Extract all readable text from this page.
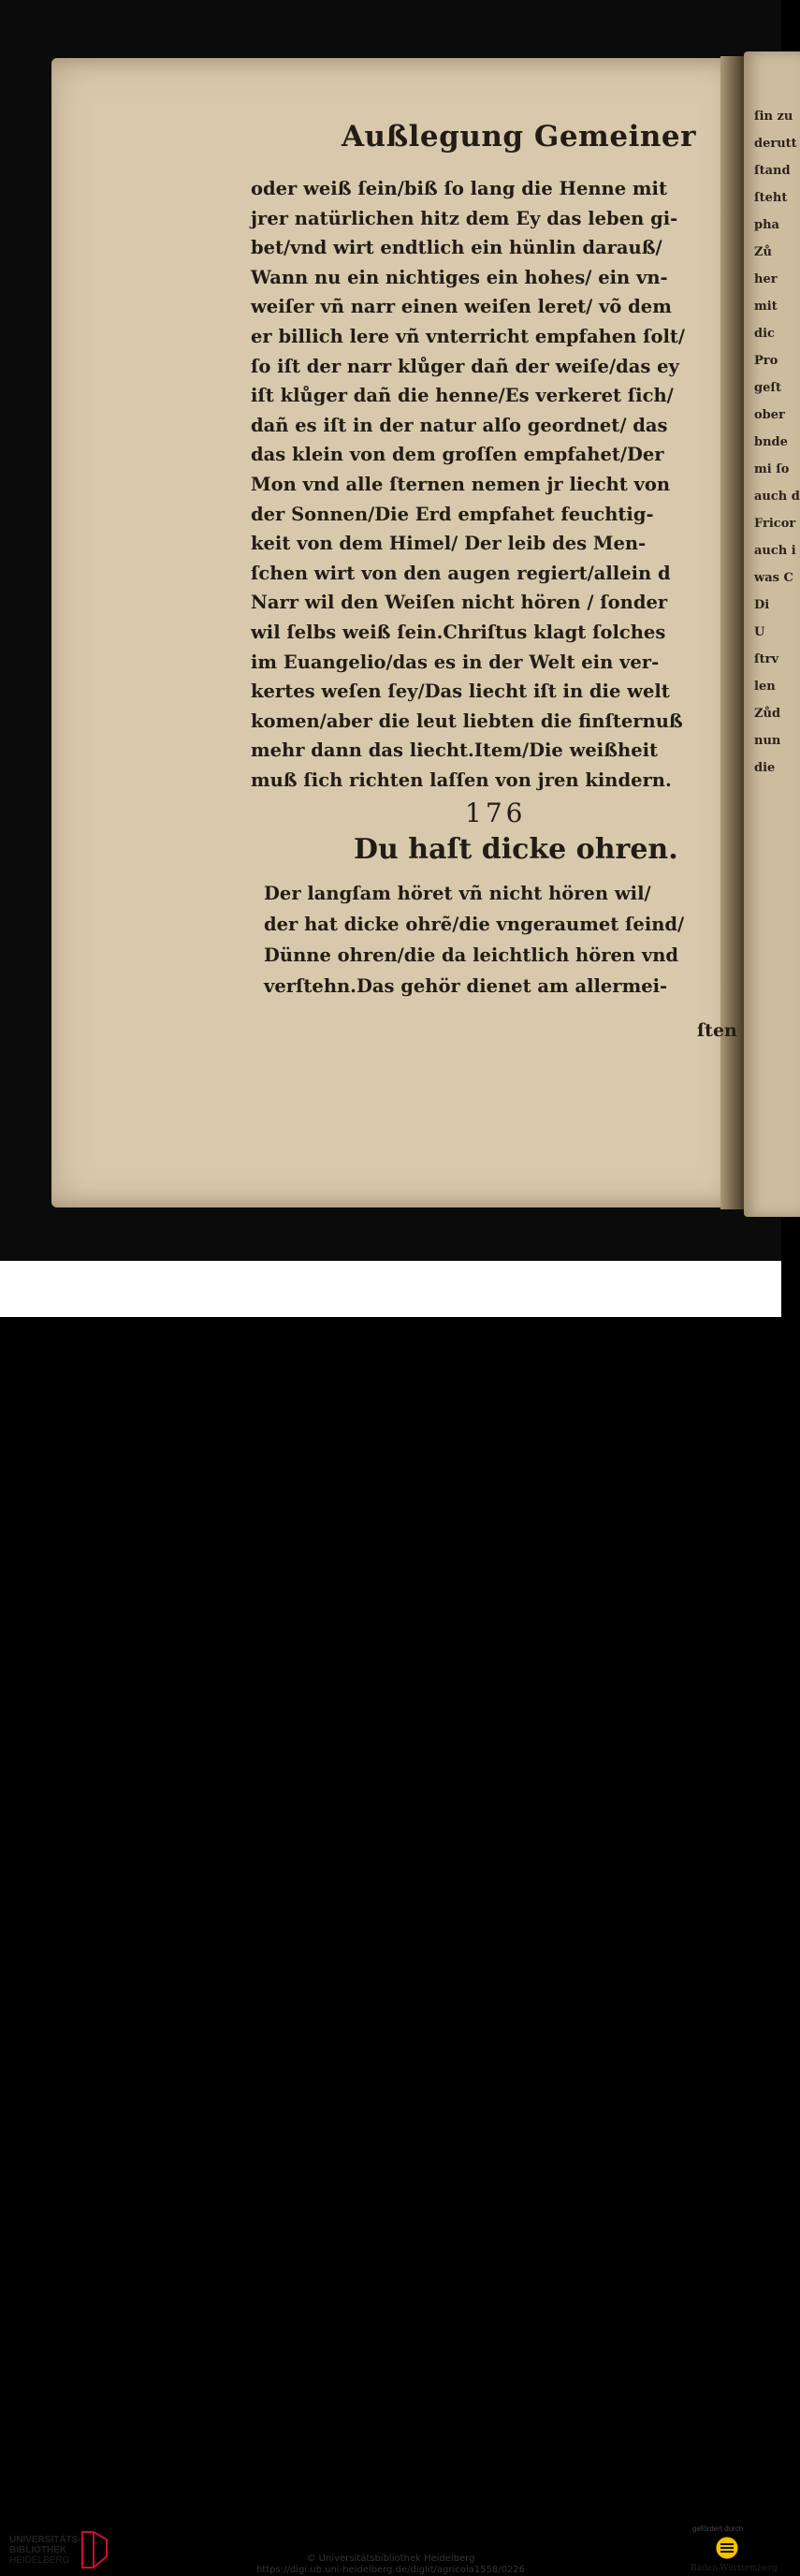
Außlegung Gemeiner
oder weiß ſein/biß ſo lang die Henne mit
jrer natürlichen hitz dem Ey das leben gi‑
bet/vnd wirt endtlich ein hünlin darauß/
Wann nu ein nichtiges ein hohes/ ein vn‑
weiſer vñ narr einen weiſen leret/ võ dem
er billich lere vñ vnterricht empfahen ſolt/
ſo iſt der narr klůger dañ der weiſe/das ey
iſt klůger dañ die henne/Es verkeret ſich/
dañ es iſt in der natur alſo geordnet/ das
das klein von dem groſſen empfahet/Der
Mon vnd alle ſternen nemen jr liecht von
der Sonnen/Die Erd empfahet feuchtig‑
keit von dem Himel/ Der leib des Men‑
ſchen wirt von den augen regiert/allein d
Narr wil den Weiſen nicht hören / ſonder
wil ſelbs weiß ſein.Chriſtus klagt ſolches
im Euangelio/das es in der Welt ein ver‑
kertes weſen ſey/Das liecht iſt in die welt
komen/aber die leut liebten die finſternuß
mehr dann das liecht.Item/Die weißheit
muß ſich richten laſſen von jren kindern.
176
Du haſt dicke ohren.
Der langſam höret vñ nicht hören wil/
der hat dicke ohrẽ/die vngeraumet ſeind/
Dünne ohren/die da leichtlich hören vnd
verſtehn.Das gehör dienet am allermei‑
ſten
ſin zu
derutt
ſtand
ſteht
pha
Zů
her
mit
dic
Pro
geſt
ober
bnde
mi ſo
auch d
Fricor
auch i
was C
Di
U
ſtrv
len
Zůd
nun
die
UNIVERSITÄTS-
BIBLIOTHEK
HEIDELBERG	© Universitätsbibliothek Heidelberg
https://digi.ub.uni-heidelberg.de/diglit/agricola1558/0226
gefördert durch
Baden-Württemberg
